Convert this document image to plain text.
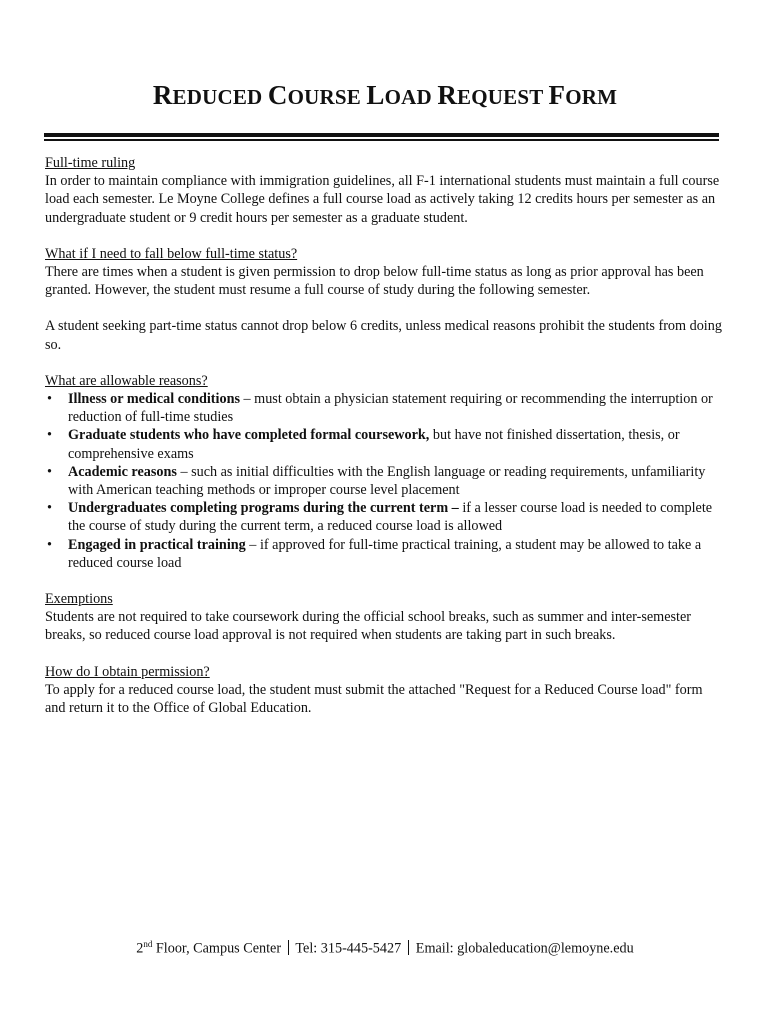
REDUCED COURSE LOAD REQUEST FORM

Full-time ruling

In order to maintain compliance with immigration guidelines, all F-1 international students must maintain a full course load each semester. Le Moyne College defines a full course load as actively taking 12 credits hours per semester as an undergraduate student or 9 credit hours per semester as a graduate student.

What if I need to fall below full-time status?

There are times when a student is given permission to drop below full-time status as long as prior approval has been granted. However, the student must resume a full course of study during the following semester.

A student seeking part-time status cannot drop below 6 credits, unless medical reasons prohibit the students from doing so.

What are allowable reasons?

• Illness or medical conditions – must obtain a physician statement requiring or recommending the interruption or reduction of full-time studies
• Graduate students who have completed formal coursework, but have not finished dissertation, thesis, or comprehensive exams
• Academic reasons – such as initial difficulties with the English language or reading requirements, unfamiliarity with American teaching methods or improper course level placement
• Undergraduates completing programs during the current term – if a lesser course load is needed to complete the course of study during the current term, a reduced course load is allowed
• Engaged in practical training – if approved for full-time practical training, a student may be allowed to take a reduced course load

Exemptions

Students are not required to take coursework during the official school breaks, such as summer and inter-semester breaks, so reduced course load approval is not required when students are taking part in such breaks.

How do I obtain permission?

To apply for a reduced course load, the student must submit the attached "Request for a Reduced Course load" form and return it to the Office of Global Education.

2nd Floor, Campus Center  Tel: 315-445-5427  Email: globaleducation@lemoyne.edu
